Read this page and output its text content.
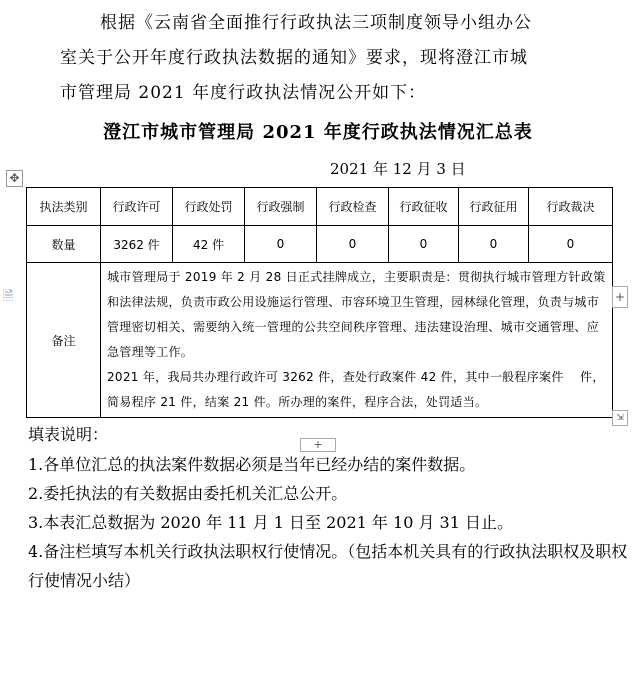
根据《云南省全面推行行政执法三项制度领导小组办公

室关于公开年度行政执法数据的通知》要求，现将澄江市城

市管理局 2021 年度行政执法情况公开如下：

澄江市城市管理局 2021 年度行政执法情况汇总表
2021 年 12 月 3 日
✥
🗎
执法类别	行政许可	行政处罚	行政强制	行政检查	行政征收	行政征用	行政裁决
数量	3262 件	42 件	0	0	0	0	0
备注	城市管理局于 2019 年 2 月 28 日正式挂牌成立，主要职责是：贯彻执行城市管理方针政策和法律法规，负责市政公用设施运行管理、市容环境卫生管理，园林绿化管理，负责与城市管理密切相关、需要纳入统一管理的公共空间秩序管理、违法建设治理、城市交通管理、应急管理等工作。

2021 年，我局共办理行政许可 3262 件，查处行政案件 42 件，其中一般程序案件　 件，简易程序 21 件，结案 21 件。所办理的案件，程序合法，处罚适当。						

+
⇲
+

填表说明：

1.各单位汇总的执法案件数据必须是当年已经办结的案件数据。

2.委托执法的有关数据由委托机关汇总公开。

3.本表汇总数据为 2020 年 11 月 1 日至 2021 年 10 月 31 日止。

4.备注栏填写本机关行政执法职权行使情况。（包括本机关具有的行政执法职权及职权行使情况小结）
